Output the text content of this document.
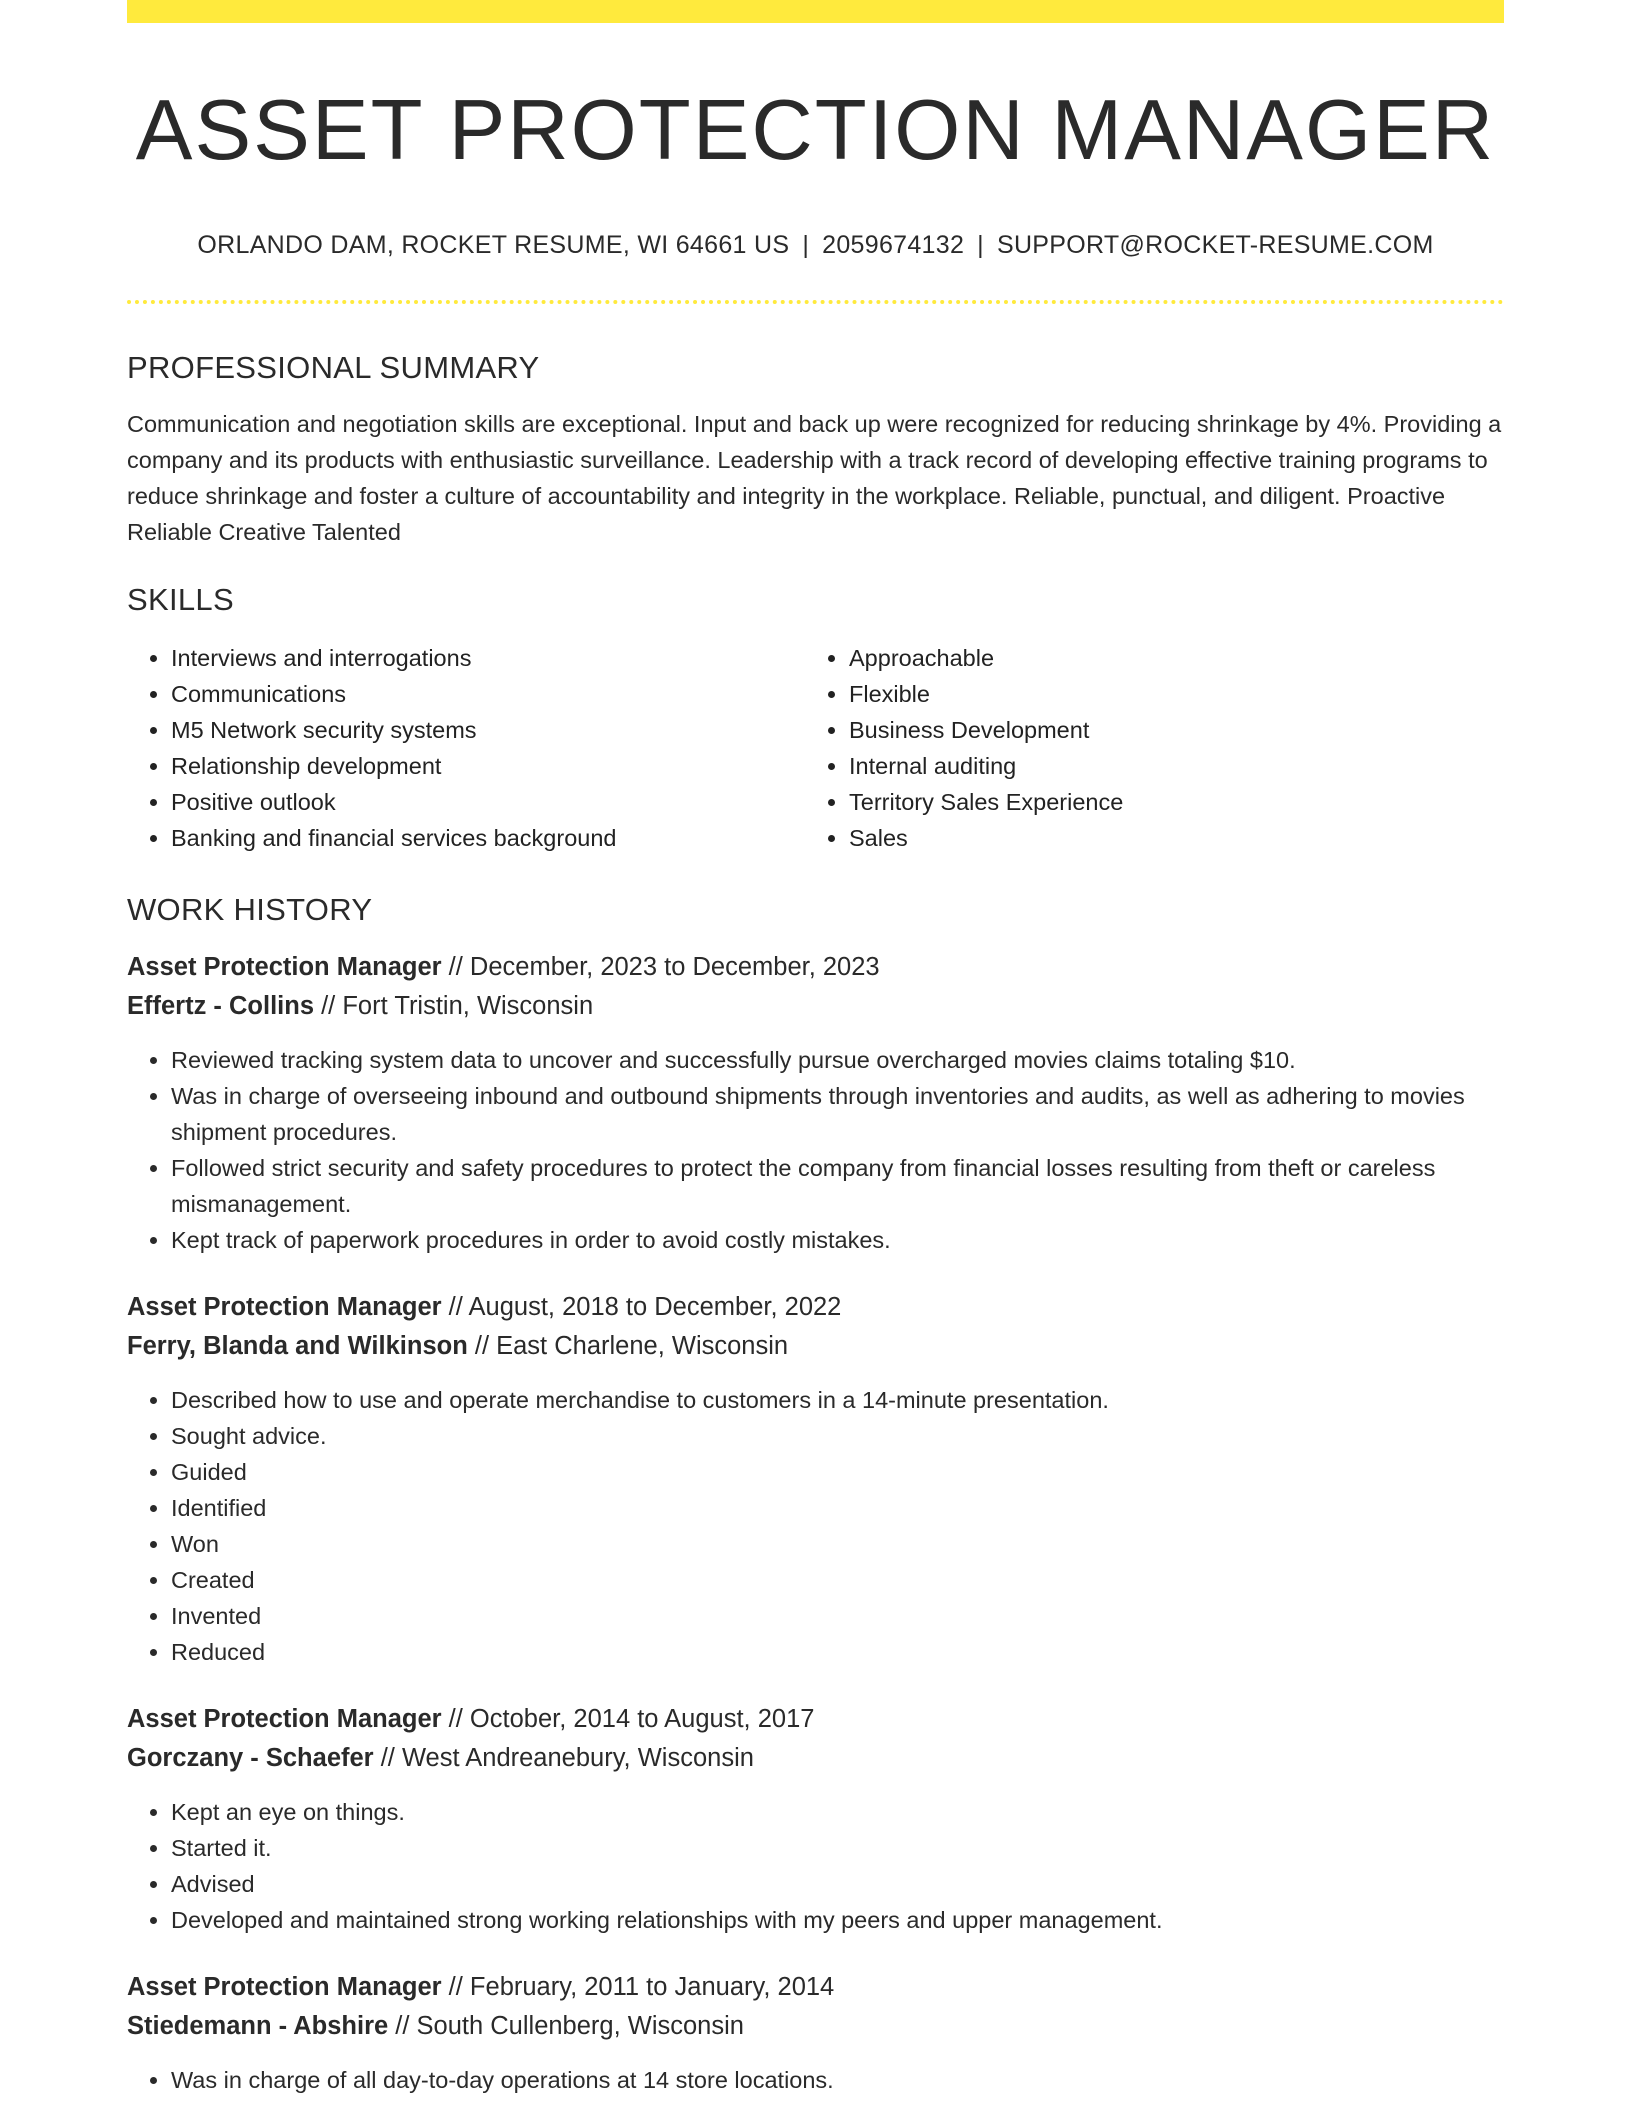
ASSET PROTECTION MANAGER
ORLANDO DAM, ROCKET RESUME, WI 64661 US | 2059674132 | SUPPORT@ROCKET-RESUME.COM
PROFESSIONAL SUMMARY
Communication and negotiation skills are exceptional. Input and back up were recognized for reducing shrinkage by 4%. Providing a company and its products with enthusiastic surveillance. Leadership with a track record of developing effective training programs to reduce shrinkage and foster a culture of accountability and integrity in the workplace. Reliable, punctual, and diligent. Proactive Reliable Creative Talented
SKILLS
• Interviews and interrogations
• Communications
• M5 Network security systems
• Relationship development
• Positive outlook
• Banking and financial services background
• Approachable
• Flexible
• Business Development
• Internal auditing
• Territory Sales Experience
• Sales
WORK HISTORY
Asset Protection Manager // December, 2023 to December, 2023
Effertz - Collins // Fort Tristin, Wisconsin
• Reviewed tracking system data to uncover and successfully pursue overcharged movies claims totaling $10.
• Was in charge of overseeing inbound and outbound shipments through inventories and audits, as well as adhering to movies shipment procedures.
• Followed strict security and safety procedures to protect the company from financial losses resulting from theft or careless mismanagement.
• Kept track of paperwork procedures in order to avoid costly mistakes.
Asset Protection Manager // August, 2018 to December, 2022
Ferry, Blanda and Wilkinson // East Charlene, Wisconsin
• Described how to use and operate merchandise to customers in a 14-minute presentation.
• Sought advice.
• Guided
• Identified
• Won
• Created
• Invented
• Reduced
Asset Protection Manager // October, 2014 to August, 2017
Gorczany - Schaefer // West Andreanebury, Wisconsin
• Kept an eye on things.
• Started it.
• Advised
• Developed and maintained strong working relationships with my peers and upper management.
Asset Protection Manager // February, 2011 to January, 2014
Stiedemann - Abshire // South Cullenberg, Wisconsin
• Was in charge of all day-to-day operations at 14 store locations.
